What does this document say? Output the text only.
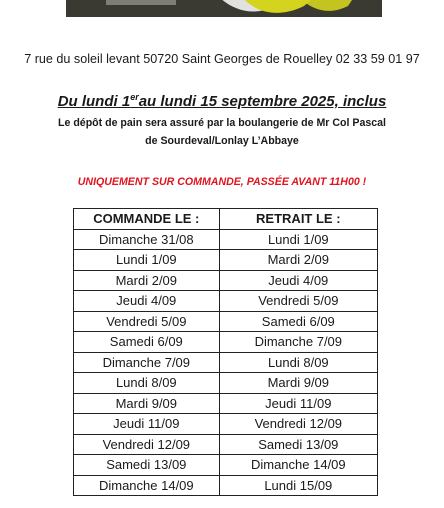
7 rue du soleil levant 50720 Saint Georges de Rouelley 02 33 59 01 97
Du lundi 1erau lundi 15 septembre 2025, inclus
Le dépôt de pain sera assuré par la boulangerie de Mr Col Pascal
de Sourdeval/Lonlay L’Abbaye
UNIQUEMENT SUR COMMANDE, PASSÉE AVANT 11H00 !
COMMANDE LE :	RETRAIT LE :
Dimanche 31/08	Lundi 1/09
Lundi 1/09	Mardi 2/09
Mardi 2/09	Jeudi 4/09
Jeudi 4/09	Vendredi 5/09
Vendredi 5/09	Samedi 6/09
Samedi 6/09	Dimanche 7/09
Dimanche 7/09	Lundi 8/09
Lundi 8/09	Mardi 9/09
Mardi 9/09	Jeudi 11/09
Jeudi 11/09	Vendredi 12/09
Vendredi 12/09	Samedi 13/09
Samedi 13/09	Dimanche 14/09
Dimanche 14/09	Lundi 15/09
